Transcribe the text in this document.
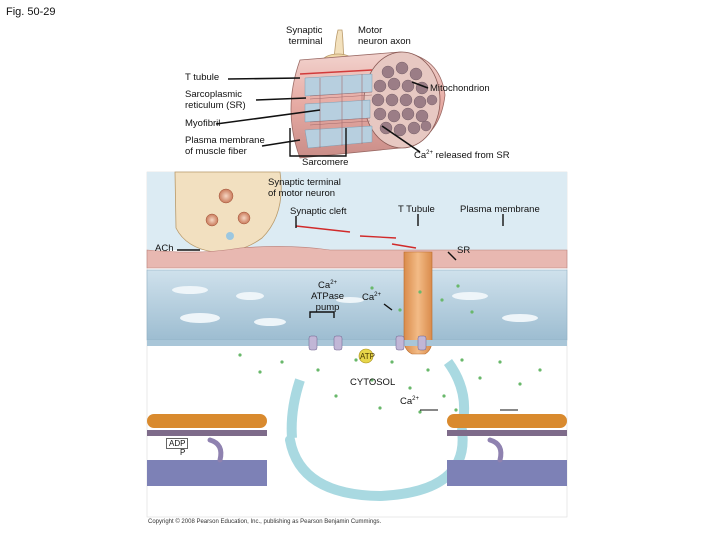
Fig. 50-29
Synaptic
terminal
Motor
neuron axon
T tubule
Mitochondrion
Sarcoplasmic
reticulum (SR)
Myofibril
Plasma membrane
of muscle fiber
Sarcomere
$Ca^{2+}$ released from SR
Synaptic terminal
of motor neuron
Synaptic cleft	T Tubule	Plasma membrane
ACh	SR
$Ca^{2+}$
ATPase
pump
$Ca^{2+}$
ATP
CYTOSOL
$Ca^{2+}$
ADP
P
Copyright © 2008 Pearson Education, Inc., publishing as Pearson Benjamin Cummings.
